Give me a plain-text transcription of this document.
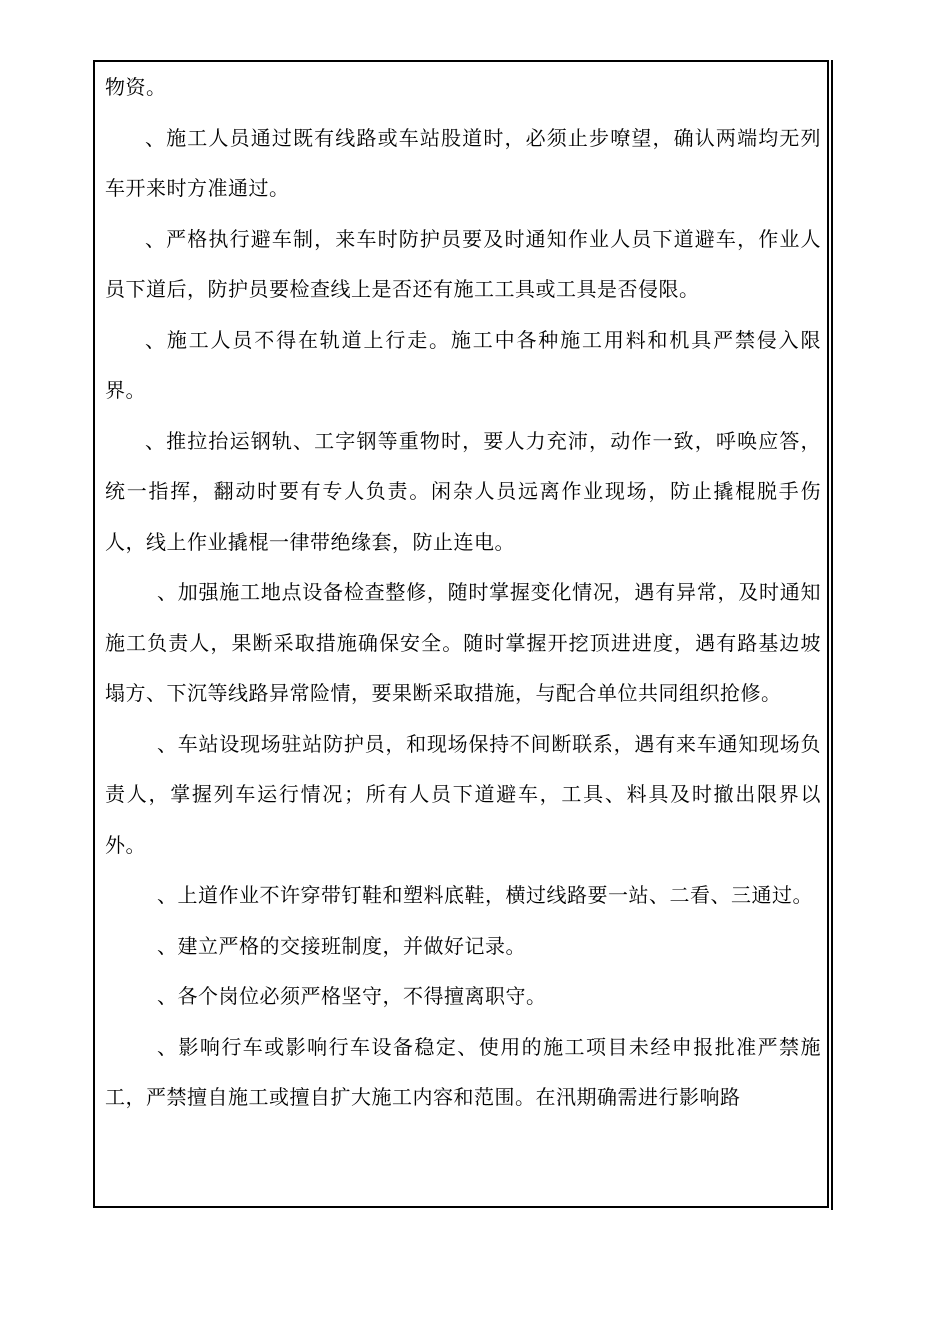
物资。

、施工人员通过既有线路或车站股道时，必须止步嘹望，确认两端均无列车开来时方准通过。

、严格执行避车制，来车时防护员要及时通知作业人员下道避车，作业人员下道后，防护员要检查线上是否还有施工工具或工具是否侵限。

、施工人员不得在轨道上行走。施工中各种施工用料和机具严禁侵入限界。

、推拉抬运钢轨、工字钢等重物时，要人力充沛，动作一致，呼唤应答，统一指挥，翻动时要有专人负责。闲杂人员远离作业现场，防止撬棍脱手伤人，线上作业撬棍一律带绝缘套，防止连电。

、加强施工地点设备检查整修，随时掌握变化情况，遇有异常，及时通知施工负责人，果断采取措施确保安全。随时掌握开挖顶进进度，遇有路基边坡塌方、下沉等线路异常险情，要果断采取措施，与配合单位共同组织抢修。

、车站设现场驻站防护员，和现场保持不间断联系，遇有来车通知现场负责人，掌握列车运行情况；所有人员下道避车，工具、料具及时撤出限界以外。

、上道作业不许穿带钉鞋和塑料底鞋，横过线路要一站、二看、三通过。

、建立严格的交接班制度，并做好记录。

、各个岗位必须严格坚守，不得擅离职守。

、影响行车或影响行车设备稳定、使用的施工项目未经申报批准严禁施工，严禁擅自施工或擅自扩大施工内容和范围。在汛期确需进行影响路
